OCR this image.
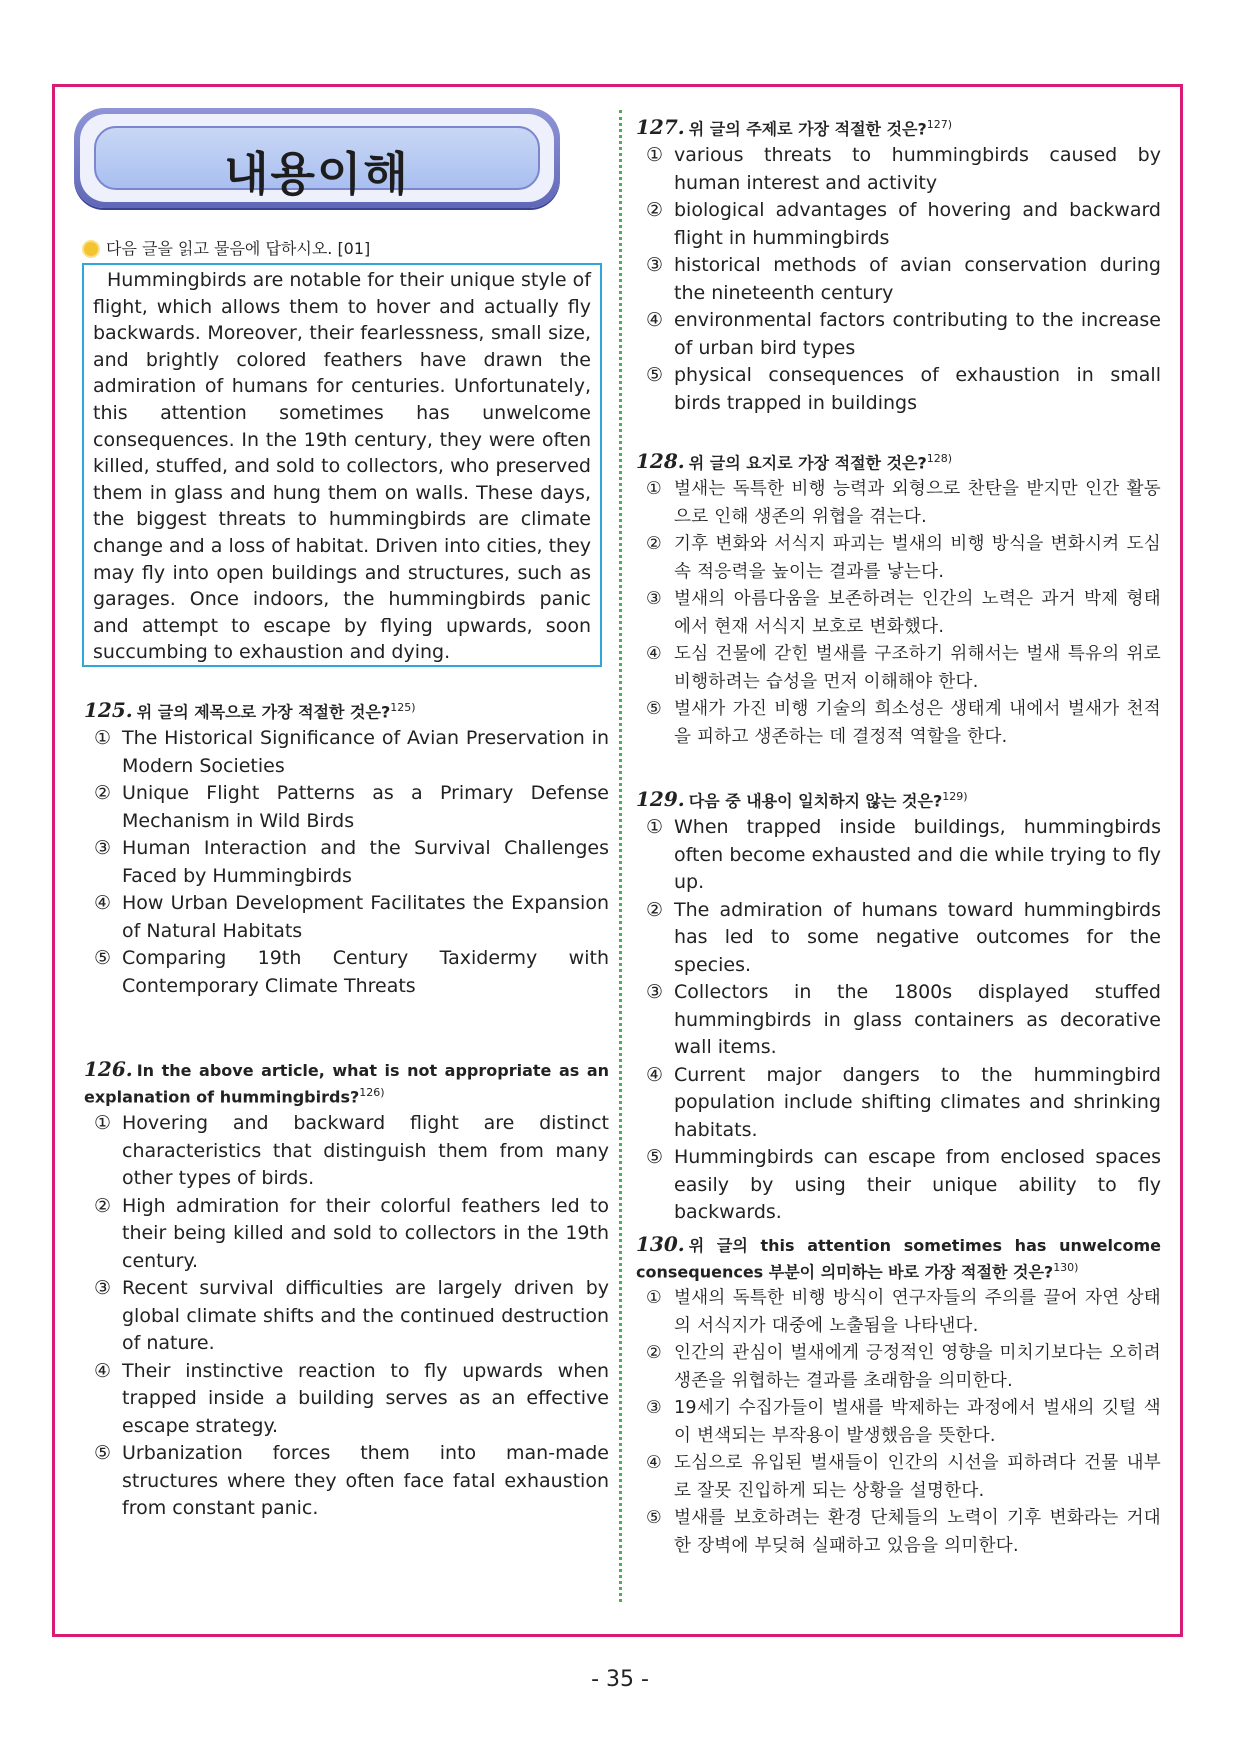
내용이해
다음 글을 읽고 물음에 답하시오. [01]

Hummingbirds are notable for their unique style of flight, which allows them to hover and actually fly backwards. Moreover, their fearlessness, small size, and brightly colored feathers have drawn the admiration of humans for centuries. Unfortunately, this attention sometimes has unwelcome consequences. In the 19th century, they were often killed, stuffed, and sold to collectors, who preserved them in glass and hung them on walls. These days, the biggest threats to hummingbirds are climate change and a loss of habitat. Driven into cities, they may fly into open buildings and structures, such as garages. Once indoors, the hummingbirds panic and attempt to escape by flying upwards, soon succumbing to exhaustion and dying.

125. 위 글의 제목으로 가장 적절한 것은?$^{125)}$
① The Historical Significance of Avian Preservation in Modern Societies
② Unique Flight Patterns as a Primary Defense Mechanism in Wild Birds
③ Human Interaction and the Survival Challenges Faced by Hummingbirds
④ How Urban Development Facilitates the Expansion of Natural Habitats
⑤ Comparing 19th Century Taxidermy with Contemporary Climate Threats
126. In the above article, what is not appropriate as an explanation of hummingbirds?$^{126)}$
① Hovering and backward flight are distinct characteristics that distinguish them from many other types of birds.
② High admiration for their colorful feathers led to their being killed and sold to collectors in the 19th century.
③ Recent survival difficulties are largely driven by global climate shifts and the continued destruction of nature.
④ Their instinctive reaction to fly upwards when trapped inside a building serves as an effective escape strategy.
⑤ Urbanization forces them into man-made structures where they often face fatal exhaustion from constant panic.
127. 위 글의 주제로 가장 적절한 것은?$^{127)}$
① various threats to hummingbirds caused by human interest and activity
② biological advantages of hovering and backward flight in hummingbirds
③ historical methods of avian conservation during the nineteenth century
④ environmental factors contributing to the increase of urban bird types
⑤ physical consequences of exhaustion in small birds trapped in buildings
128. 위 글의 요지로 가장 적절한 것은?$^{128)}$
① 벌새는 독특한 비행 능력과 외형으로 찬탄을 받지만 인간 활동으로 인해 생존의 위협을 겪는다.
② 기후 변화와 서식지 파괴는 벌새의 비행 방식을 변화시켜 도심 속 적응력을 높이는 결과를 낳는다.
③ 벌새의 아름다움을 보존하려는 인간의 노력은 과거 박제 형태에서 현재 서식지 보호로 변화했다.
④ 도심 건물에 갇힌 벌새를 구조하기 위해서는 벌새 특유의 위로 비행하려는 습성을 먼저 이해해야 한다.
⑤ 벌새가 가진 비행 기술의 희소성은 생태계 내에서 벌새가 천적을 피하고 생존하는 데 결정적 역할을 한다.
129. 다음 중 내용이 일치하지 않는 것은?$^{129)}$
① When trapped inside buildings, hummingbirds often become exhausted and die while trying to fly up.
② The admiration of humans toward hummingbirds has led to some negative outcomes for the species.
③ Collectors in the 1800s displayed stuffed hummingbirds in glass containers as decorative wall items.
④ Current major dangers to the hummingbird population include shifting climates and shrinking habitats.
⑤ Hummingbirds can escape from enclosed spaces easily by using their unique ability to fly backwards.
130. 위 글의 this attention sometimes has unwelcome consequences 부분이 의미하는 바로 가장 적절한 것은?$^{130)}$
① 벌새의 독특한 비행 방식이 연구자들의 주의를 끌어 자연 상태의 서식지가 대중에 노출됨을 나타낸다.
② 인간의 관심이 벌새에게 긍정적인 영향을 미치기보다는 오히려 생존을 위협하는 결과를 초래함을 의미한다.
③ 19세기 수집가들이 벌새를 박제하는 과정에서 벌새의 깃털 색이 변색되는 부작용이 발생했음을 뜻한다.
④ 도심으로 유입된 벌새들이 인간의 시선을 피하려다 건물 내부로 잘못 진입하게 되는 상황을 설명한다.
⑤ 벌새를 보호하려는 환경 단체들의 노력이 기후 변화라는 거대한 장벽에 부딪혀 실패하고 있음을 의미한다.
- 35 -
